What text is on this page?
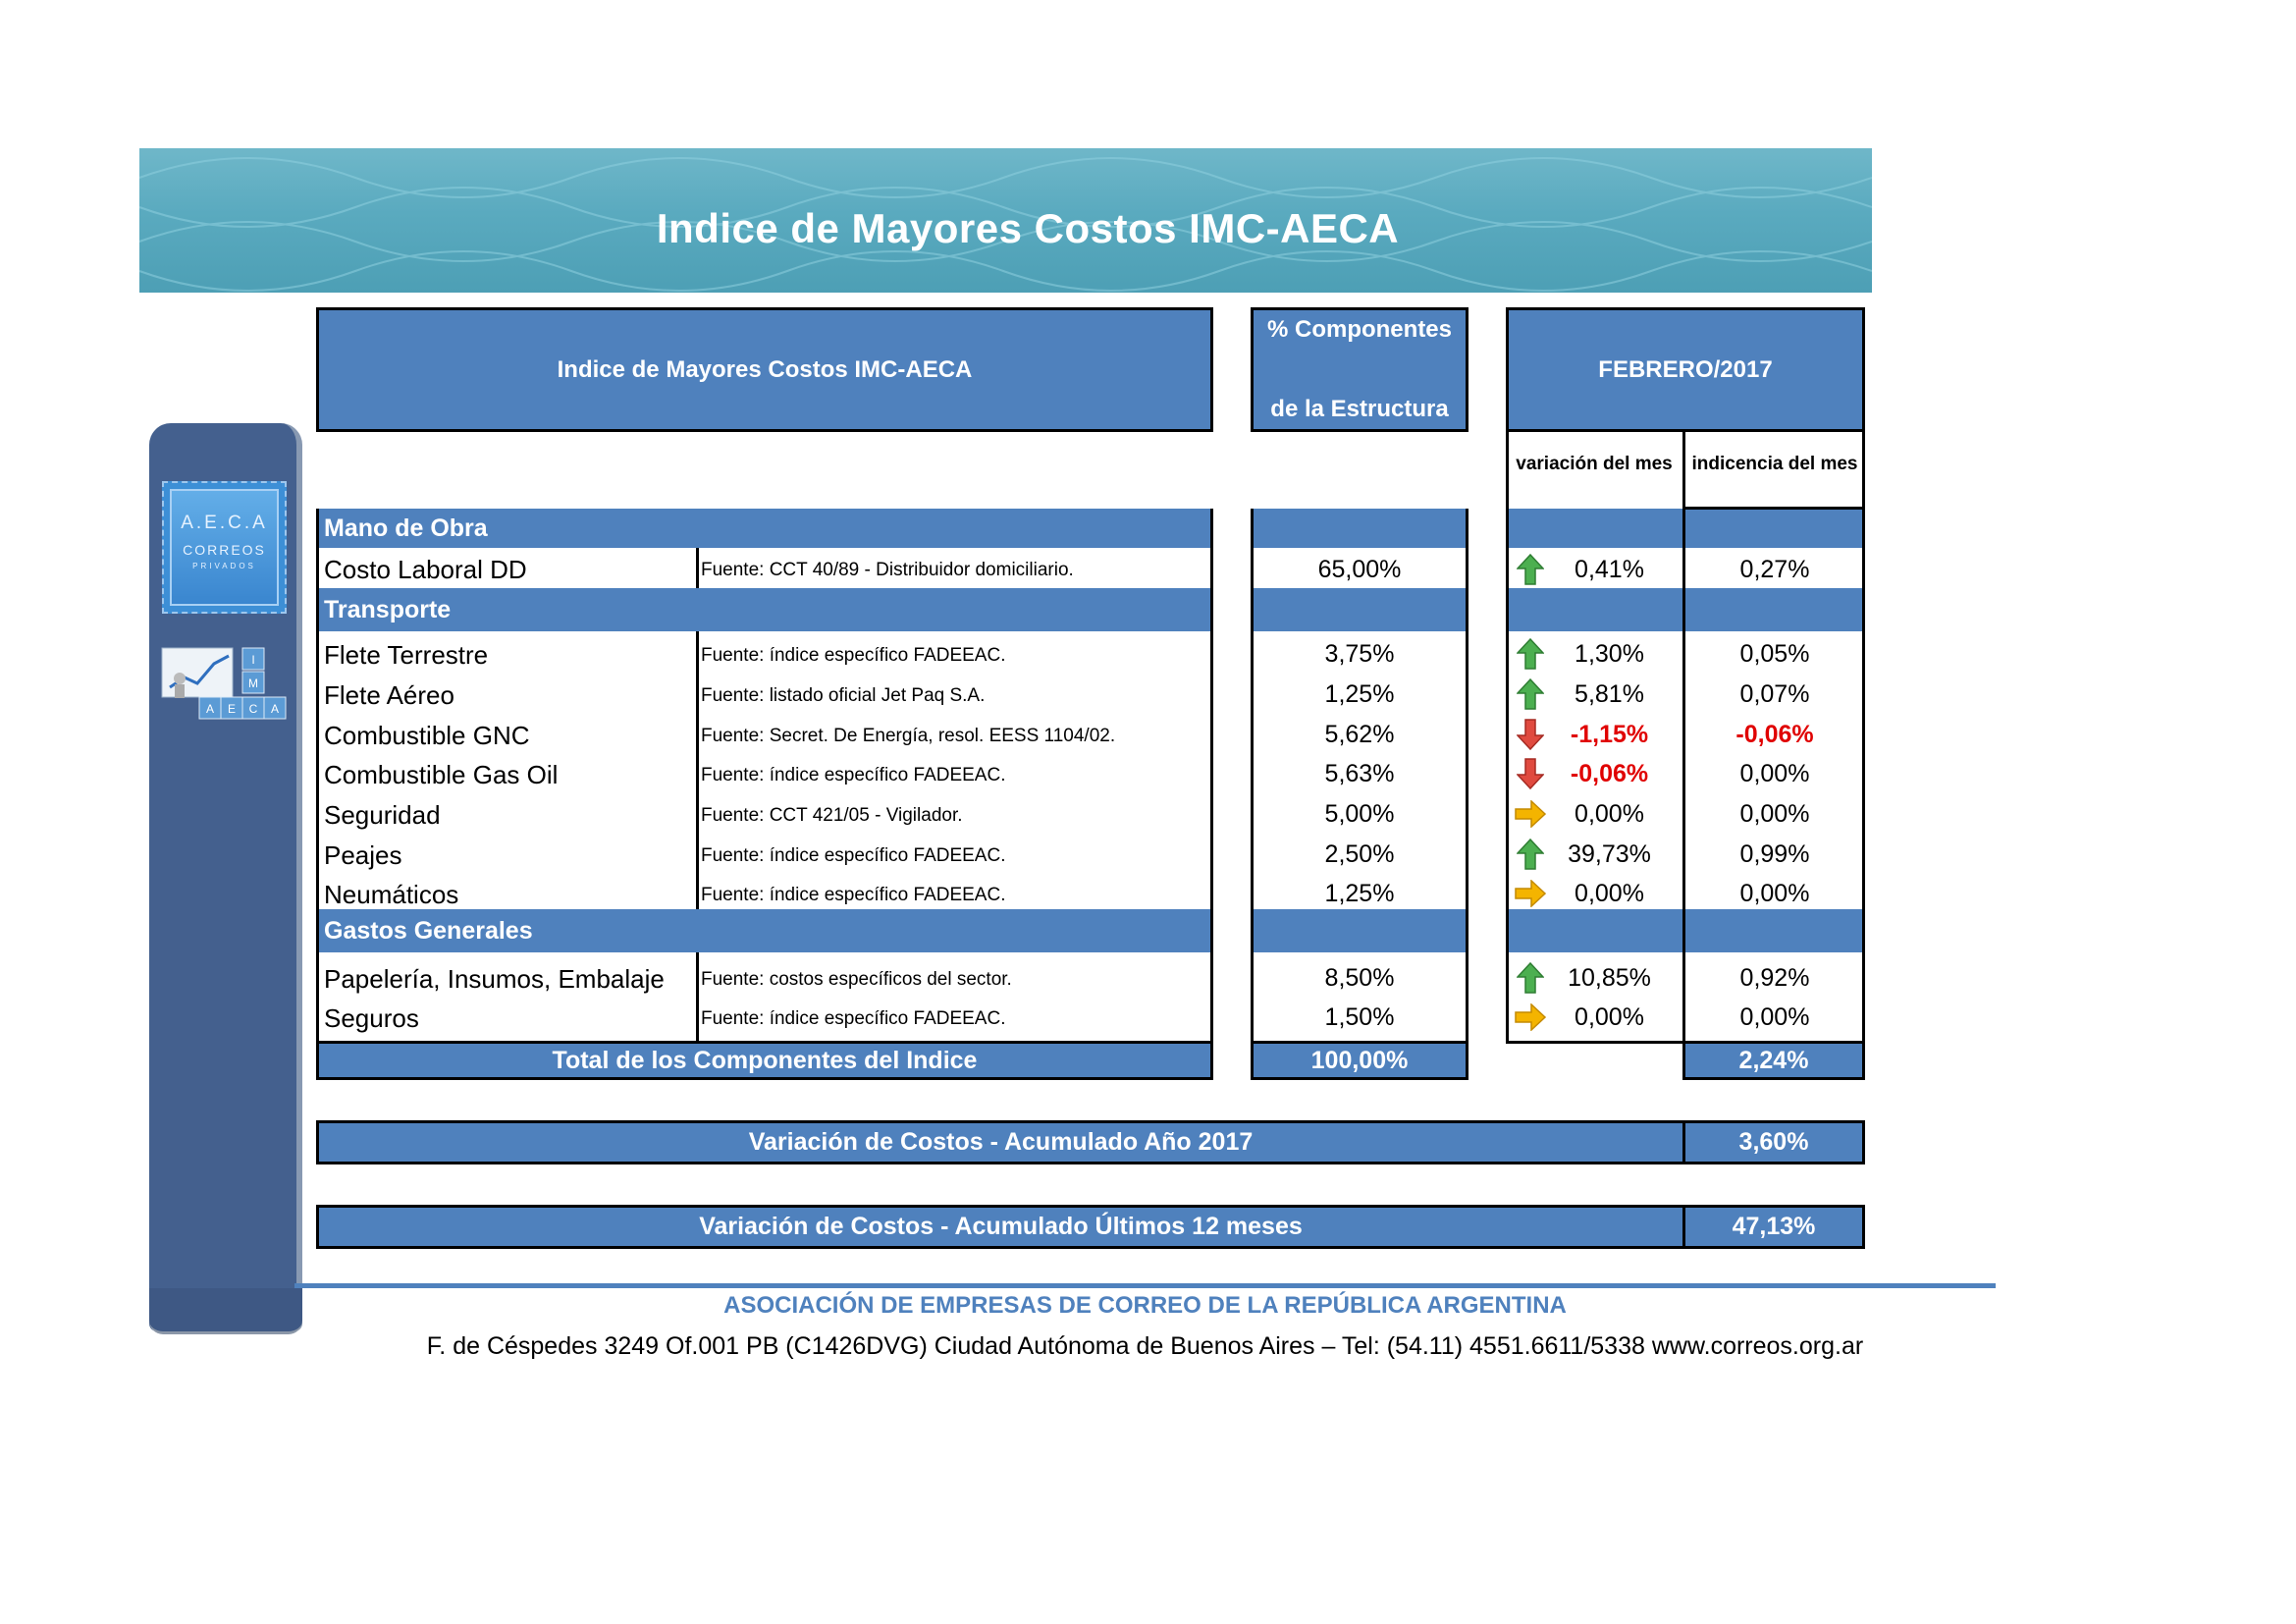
Indice de Mayores Costos IMC-AECA
A.E.C.A
CORREOS
PRIVADOS
I
M
A E C A
Indice de Mayores Costos IMC-AECA
% Componentes
de la Estructura
FEBRERO/2017
variación del mes	indicencia del mes
Mano de Obra
Transporte
Gastos Generales
Costo Laboral DD	Fuente: CCT 40/89 - Distribuidor domiciliario.	65,00%	0,41%	0,27%
Flete Terrestre	Fuente: índice específico FADEEAC.	3,75%	1,30%	0,05%
Flete Aéreo	Fuente: listado oficial Jet Paq S.A.	1,25%	5,81%	0,07%
Combustible GNC	Fuente: Secret. De Energía, resol. EESS 1104/02.	5,62%	-1,15%	-0,06%
Combustible Gas Oil	Fuente: índice específico FADEEAC.	5,63%	-0,06%	0,00%
Seguridad	Fuente: CCT 421/05 - Vigilador.	5,00%	0,00%	0,00%
Peajes	Fuente: índice específico FADEEAC.	2,50%	39,73%	0,99%
Neumáticos	Fuente: índice específico FADEEAC.	1,25%	0,00%	0,00%
Papelería, Insumos, Embalaje Fuente: costos específicos del sector.	8,50%	10,85%	0,92%
Seguros	Fuente: índice específico FADEEAC.	1,50%	0,00%	0,00%
Total de los Componentes del Indice	100,00%	2,24%
Variación de Costos - Acumulado Año 2017	3,60%
Variación de Costos - Acumulado Últimos 12 meses	47,13%
ASOCIACIÓN DE EMPRESAS DE CORREO DE LA REPÚBLICA ARGENTINA
F. de Céspedes 3249 Of.001 PB (C1426DVG) Ciudad Autónoma de Buenos Aires – Tel: (54.11) 4551.6611/5338 www.correos.org.ar
